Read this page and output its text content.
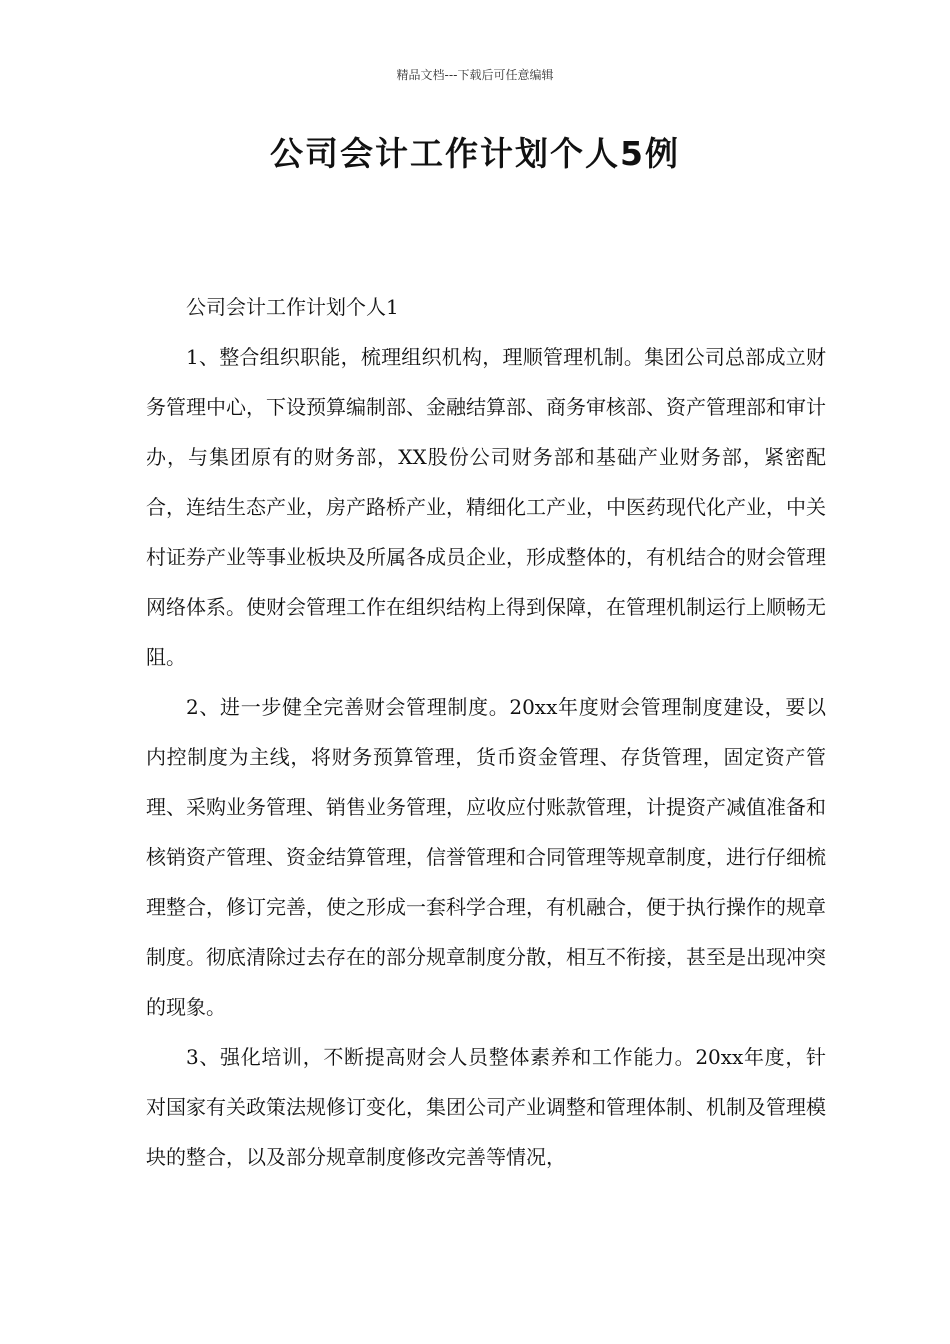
精品文档---下载后可任意编辑
公司会计工作计划个人5例

公司会计工作计划个人1

1、整合组织职能，梳理组织机构，理顺管理机制。集团公司总部成立财务管理中心，下设预算编制部、金融结算部、商务审核部、资产管理部和审计办，与集团原有的财务部，XX股份公司财务部和基础产业财务部，紧密配合，连结生态产业，房产路桥产业，精细化工产业，中医药现代化产业，中关村证券产业等事业板块及所属各成员企业，形成整体的，有机结合的财会管理网络体系。使财会管理工作在组织结构上得到保障，在管理机制运行上顺畅无阻。

2、进一步健全完善财会管理制度。20xx年度财会管理制度建设，要以内控制度为主线，将财务预算管理，货币资金管理、存货管理，固定资产管理、采购业务管理、销售业务管理，应收应付账款管理，计提资产减值准备和核销资产管理、资金结算管理，信誉管理和合同管理等规章制度，进行仔细梳理整合，修订完善，使之形成一套科学合理，有机融合，便于执行操作的规章制度。彻底清除过去存在的部分规章制度分散，相互不衔接，甚至是出现冲突的现象。

3、强化培训，不断提高财会人员整体素养和工作能力。20xx年度，针对国家有关政策法规修订变化，集团公司产业调整和管理体制、机制及管理模块的整合，以及部分规章制度修改完善等情况，
